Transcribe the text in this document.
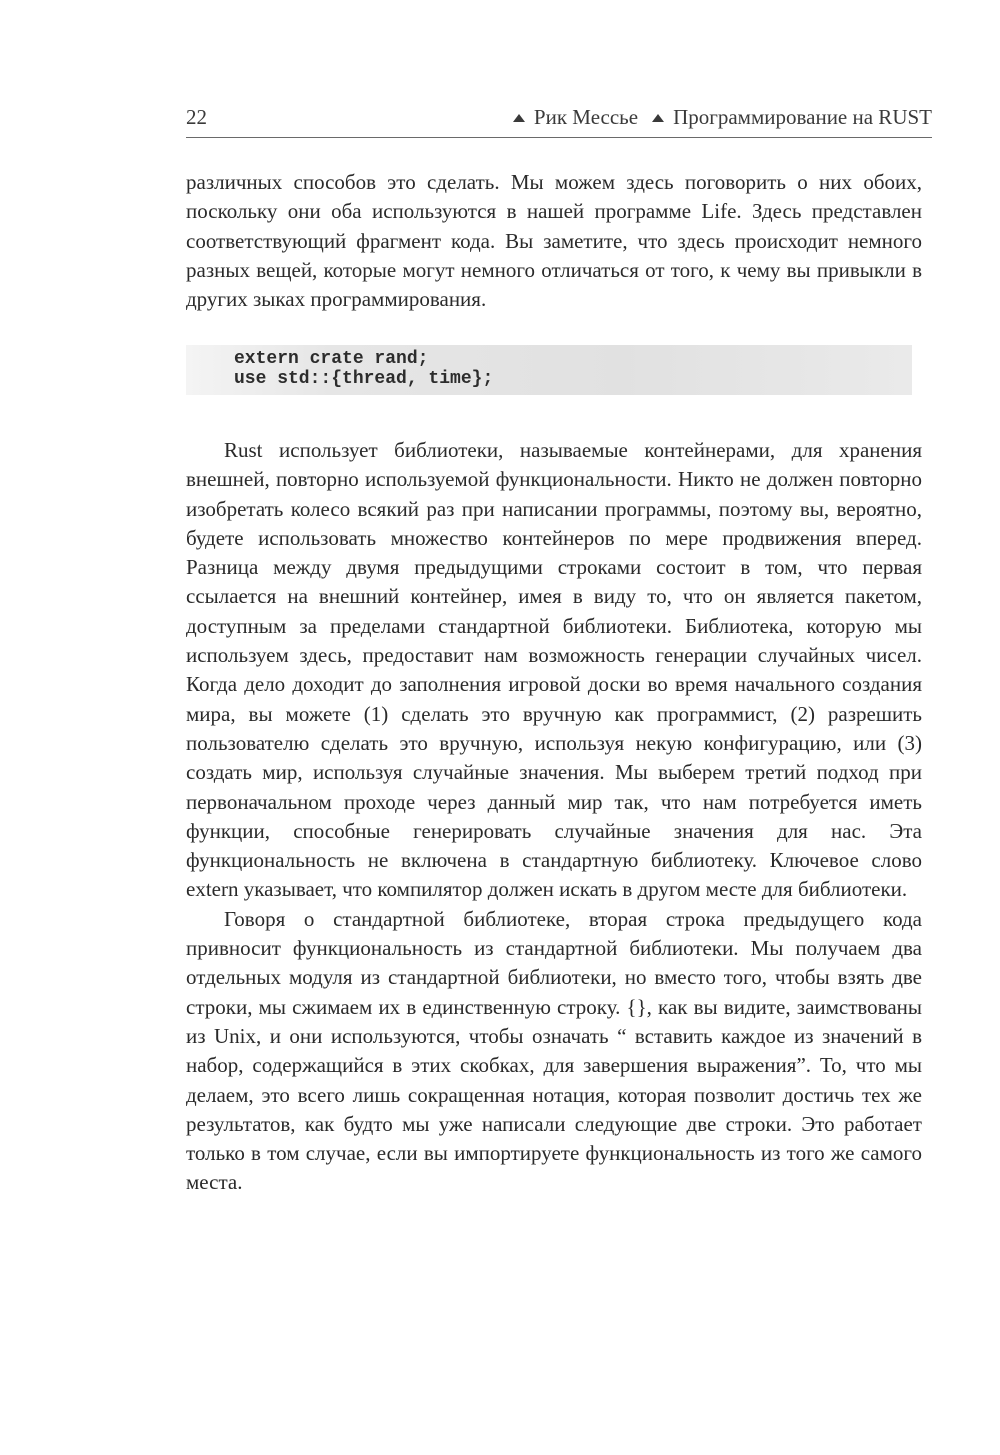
22	Рик Мессье Программирование на RUST

различных способов это сделать. Мы можем здесь поговорить о них обоих, поскольку они оба используются в нашей программе Life. Здесь представлен соответствующий фрагмент кода. Вы заметите, что здесь происходит немного разных вещей, которые могут немного отличаться от того, к чему вы привыкли в других зыках программирования.

extern crate rand;
use std::{thread, time};

Rust использует библиотеки, называемые контейнерами, для хранения внешней, повторно используемой функциональности. Никто не должен повторно изобретать колесо всякий раз при написании программы, поэтому вы, вероятно, будете использовать множество контейнеров по мере продвижения вперед. Разница между двумя предыдущими строками состоит в том, что первая ссылается на внешний контейнер, имея в виду то, что он является пакетом, доступным за пределами стандартной библиотеки. Библиотека, которую мы используем здесь, предоставит нам возможность генерации случайных чисел. Когда дело доходит до заполнения игровой доски во время начального создания мира, вы можете (1) сделать это вручную как программист, (2) разрешить пользователю сделать это вручную, используя некую конфигурацию, или (3) создать мир, используя случайные значения. Мы выберем третий подход при первоначальном проходе через данный мир так, что нам потребуется иметь функции, способные генерировать случайные значения для нас. Эта функциональность не включена в стандартную библиотеку. Ключевое слово extern указывает, что компилятор должен искать в другом месте для библиотеки.

Говоря о стандартной библиотеке, вторая строка предыдущего кода привносит функциональность из стандартной библиотеки. Мы получаем два отдельных модуля из стандартной библиотеки, но вместо того, чтобы взять две строки, мы сжимаем их в единственную строку. {}, как вы видите, заимствованы из Unix, и они используются, чтобы означать “ вставить каждое из значений в набор, содержащийся в этих скобках, для завершения выражения”. То, что мы делаем, это всего лишь сокращенная нотация, которая позволит достичь тех же результатов, как будто мы уже написали следующие две строки. Это работает только в том случае, если вы импортируете функциональность из того же самого места.
